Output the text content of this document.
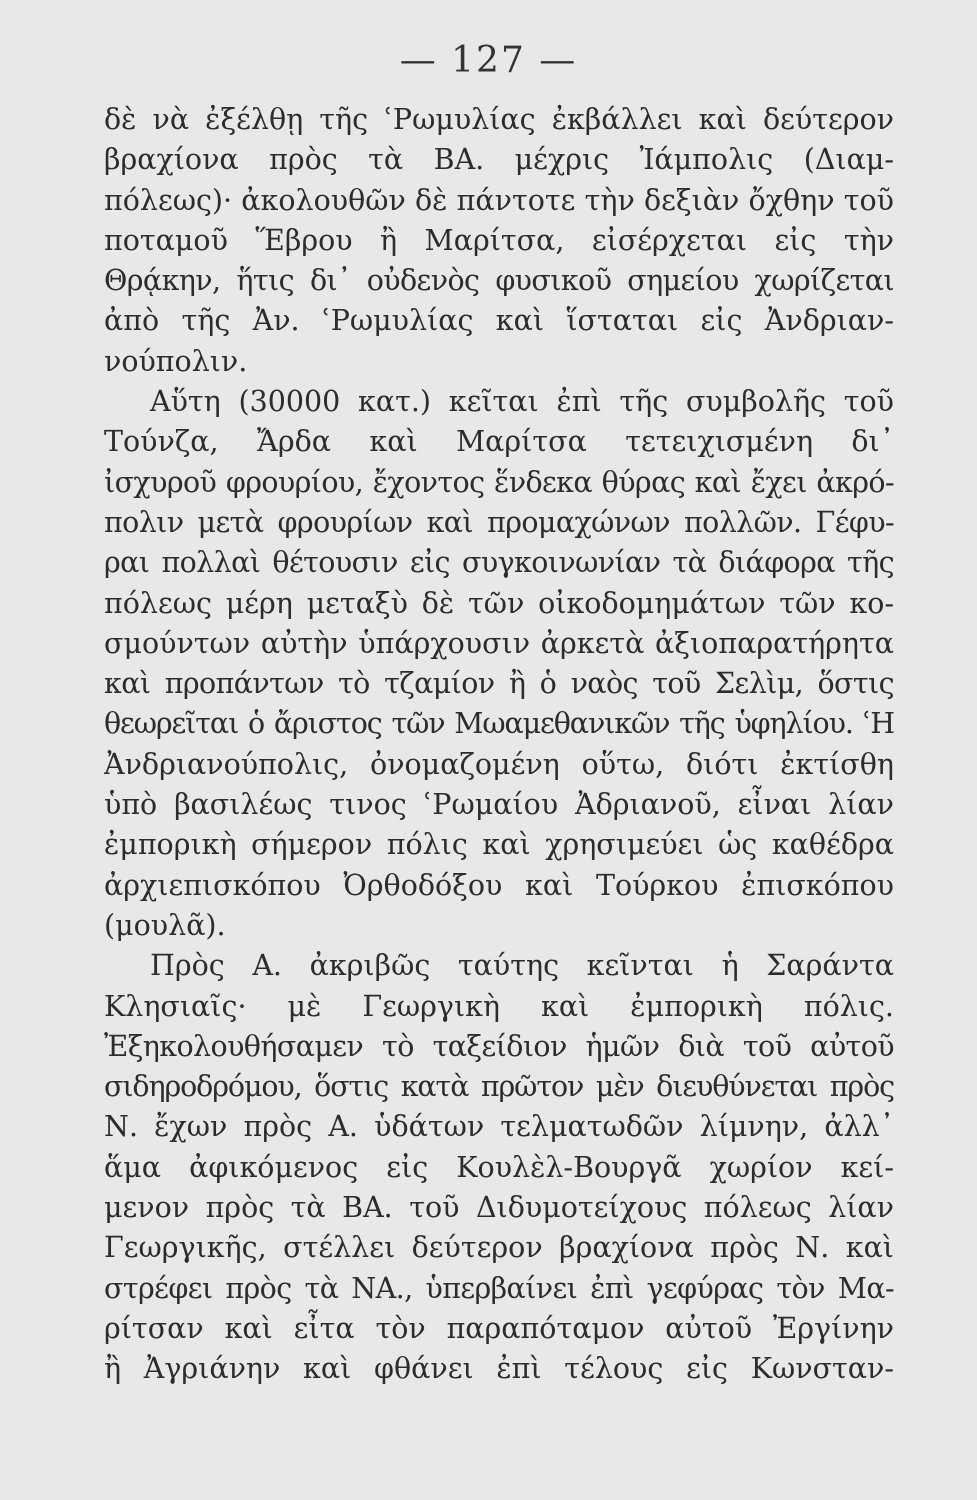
— 127 —
δὲ νὰ ἐξέλθῃ τῆς ʿΡωμυλίας ἐκβάλλει καὶ δεύτερον
βραχίονα πρὸς τὰ ΒΑ. μέχρις Ἰάμπολις (Διαμ-
πόλεως)· ἀκολουθῶν δὲ πάντοτε τὴν δεξιὰν ὄχθην τοῦ
ποταμοῦ Ἕβρου ἢ Μαρίτσα, εἰσέρχεται εἰς τὴν
Θρᾴκην, ἥτις δι᾽ οὐδενὸς φυσικοῦ σημείου χωρίζεται
ἀπὸ τῆς Ἀν. ʿΡωμυλίας καὶ ἵσταται εἰς Ἀνδριαν-
νούπολιν.
Αὕτη (30000 κατ.) κεῖται ἐπὶ τῆς συμβολῆς τοῦ
Τούνζα, Ἄρδα καὶ Μαρίτσα τετειχισμένη δι᾽
ἰσχυροῦ φρουρίου, ἔχοντος ἕνδεκα θύρας καὶ ἔχει ἀκρό-
πολιν μετὰ φρουρίων καὶ προμαχώνων πολλῶν. Γέφυ-
ραι πολλαὶ θέτουσιν εἰς συγκοινωνίαν τὰ διάφορα τῆς
πόλεως μέρη μεταξὺ δὲ τῶν οἰκοδομημάτων τῶν κο-
σμούντων αὐτὴν ὑπάρχουσιν ἀρκετὰ ἀξιοπαρατήρητα
καὶ προπάντων τὸ τζαμίον ἢ ὁ ναὸς τοῦ Σελὶμ, ὅστις
θεωρεῖται ὁ ἄριστος τῶν Μωαμεθανικῶν τῆς ὑφηλίου. ʿΗ
Ἀνδριανούπολις, ὀνομαζομένη οὕτω, διότι ἐκτίσθη
ὑπὸ βασιλέως τινος ʿΡωμαίου Ἀδριανοῦ, εἶναι λίαν
ἐμπορικὴ σήμερον πόλις καὶ χρησιμεύει ὡς καθέδρα
ἀρχιεπισκόπου Ὀρθοδόξου καὶ Τούρκου ἐπισκόπου
(μουλᾶ).
Πρὸς Α. ἀκριβῶς ταύτης κεῖνται ἡ Σαράντα
Κλησιαῖς· μὲ Γεωργικὴ καὶ ἐμπορικὴ πόλις.
Ἐξηκολουθήσαμεν τὸ ταξείδιον ἡμῶν διὰ τοῦ αὐτοῦ
σιδηροδρόμου, ὅστις κατὰ πρῶτον μὲν διευθύνεται πρὸς
Ν. ἔχων πρὸς Α. ὑδάτων τελματωδῶν λίμνην, ἀλλ᾽
ἅμα ἀφικόμενος εἰς Κουλὲλ-Βουργᾶ χωρίον κεί-
μενον πρὸς τὰ ΒΑ. τοῦ Διδυμοτείχους πόλεως λίαν
Γεωργικῆς, στέλλει δεύτερον βραχίονα πρὸς Ν. καὶ
στρέφει πρὸς τὰ ΝΑ., ὑπερβαίνει ἐπὶ γεφύρας τὸν Μα-
ρίτσαν καὶ εἶτα τὸν παραπόταμον αὐτοῦ Ἐργίνην
ἢ Ἀγριάνην καὶ φθάνει ἐπὶ τέλους εἰς Κωνσταν-
